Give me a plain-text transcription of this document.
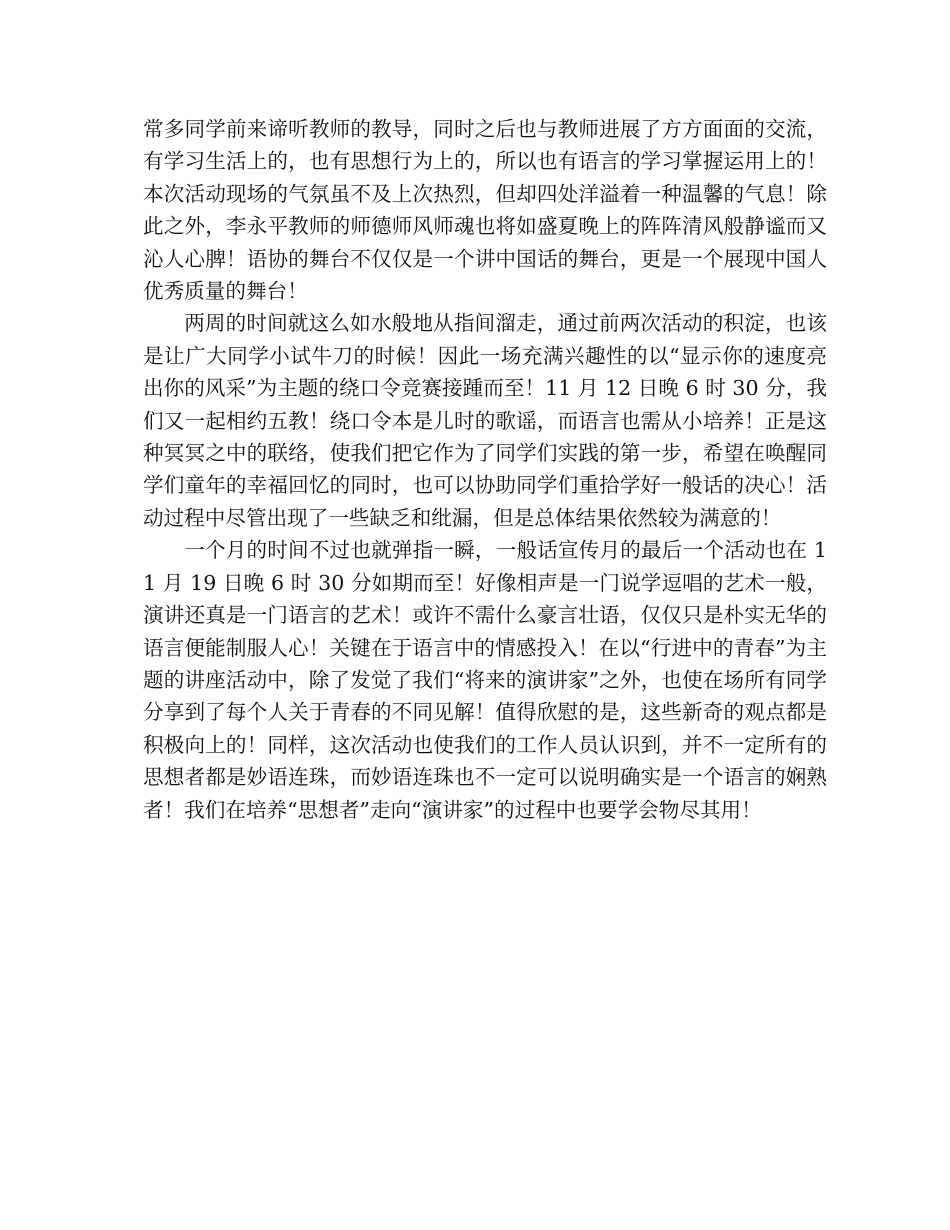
常多同学前来谛听教师的教导，同时之后也与教师进展了方方面面的交流，有学习生活上的，也有思想行为上的，所以也有语言的学习掌握运用上的！本次活动现场的气氛虽不及上次热烈，但却四处洋溢着一种温馨的气息！除此之外，李永平教师的师德师风师魂也将如盛夏晚上的阵阵清风般静谧而又沁人心脾！语协的舞台不仅仅是一个讲中国话的舞台，更是一个展现中国人优秀质量的舞台！

两周的时间就这么如水般地从指间溜走，通过前两次活动的积淀，也该是让广大同学小试牛刀的时候！因此一场充满兴趣性的以“显示你的速度亮出你的风采”为主题的绕口令竞赛接踵而至！11 月 12 日晚 6 时 30 分，我们又一起相约五教！绕口令本是儿时的歌谣，而语言也需从小培养！正是这种冥冥之中的联络，使我们把它作为了同学们实践的第一步，希望在唤醒同学们童年的幸福回忆的同时，也可以协助同学们重拾学好一般话的决心！活动过程中尽管出现了一些缺乏和纰漏，但是总体结果依然较为满意的！

一个月的时间不过也就弹指一瞬，一般话宣传月的最后一个活动也在 11 月 19 日晚 6 时 30 分如期而至！好像相声是一门说学逗唱的艺术一般，演讲还真是一门语言的艺术！或许不需什么豪言壮语，仅仅只是朴实无华的语言便能制服人心！关键在于语言中的情感投入！在以“行进中的青春”为主题的讲座活动中，除了发觉了我们“将来的演讲家”之外，也使在场所有同学分享到了每个人关于青春的不同见解！值得欣慰的是，这些新奇的观点都是积极向上的！同样，这次活动也使我们的工作人员认识到，并不一定所有的思想者都是妙语连珠，而妙语连珠也不一定可以说明确实是一个语言的娴熟者！我们在培养“思想者”走向“演讲家”的过程中也要学会物尽其用！
